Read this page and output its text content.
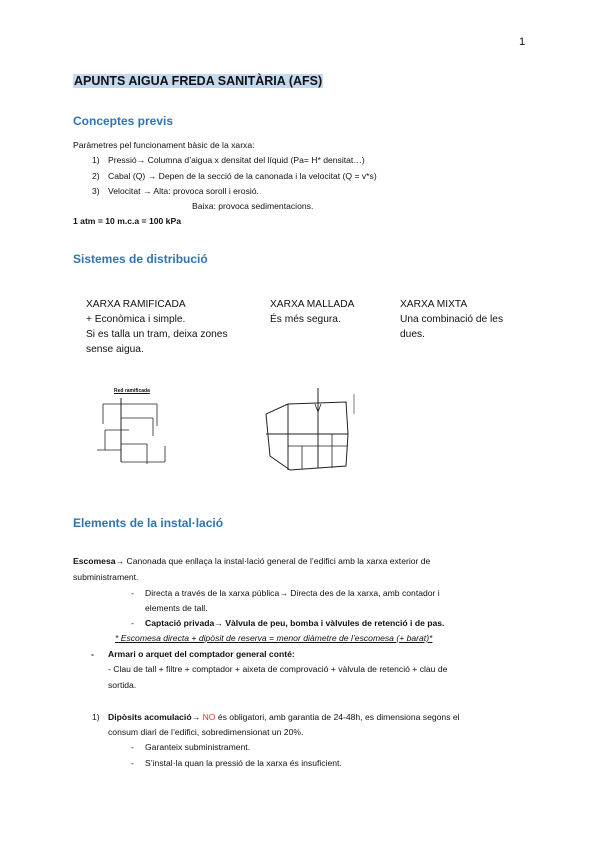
1
APUNTS AIGUA FREDA SANITÀRIA (AFS)
Conceptes previs
Paràmetres pel funcionament bàsic de la xarxa:
1) Pressió→ Columna d’aigua x densitat del líquid (Pa= H* densitat…)
2) Cabal (Q) → Depen de la secció de la canonada i la velocitat (Q = v*s)
3) Velocitat → Alta: provoca soroll i erosió.
Baixa: provoca sedimentacions.
1 atm = 10 m.c.a = 100 kPa
Sistemes de distribució
XARXA RAMIFICADA
+ Econòmica i simple.
Si es talla un tram, deixa zones
sense aigua.
XARXA MALLADA
És més segura.
XARXA MIXTA
Una combinació de les
dues.
Red ramificada
Elements de la instal·lació
Escomesa→ Canonada que enllaça la instal·lació general de l’edifici amb la xarxa exterior de
subministrament.
- Directa a través de la xarxa pública→ Directa des de la xarxa, amb contador i
elements de tall.
- Captació privada→ Vàlvula de peu, bomba i vàlvules de retenció i de pas.
* Escomesa directa + dipòsit de reserva = menor diàmetre de l’escomesa (+ barat)*
- Armari o arquet del comptador general conté:
- Clau de tall + filtre + comptador + aixeta de comprovació + vàlvula de retenció + clau de
sortida.
1) Dipòsits acomulació→ NO és obligatori, amb garantia de 24-48h, es dimensiona segons el
consum diari de l’edifici, sobredimensionat un 20%.
- Garanteix subministrament.
- S’instal·la quan la pressió de la xarxa és insuficient.
